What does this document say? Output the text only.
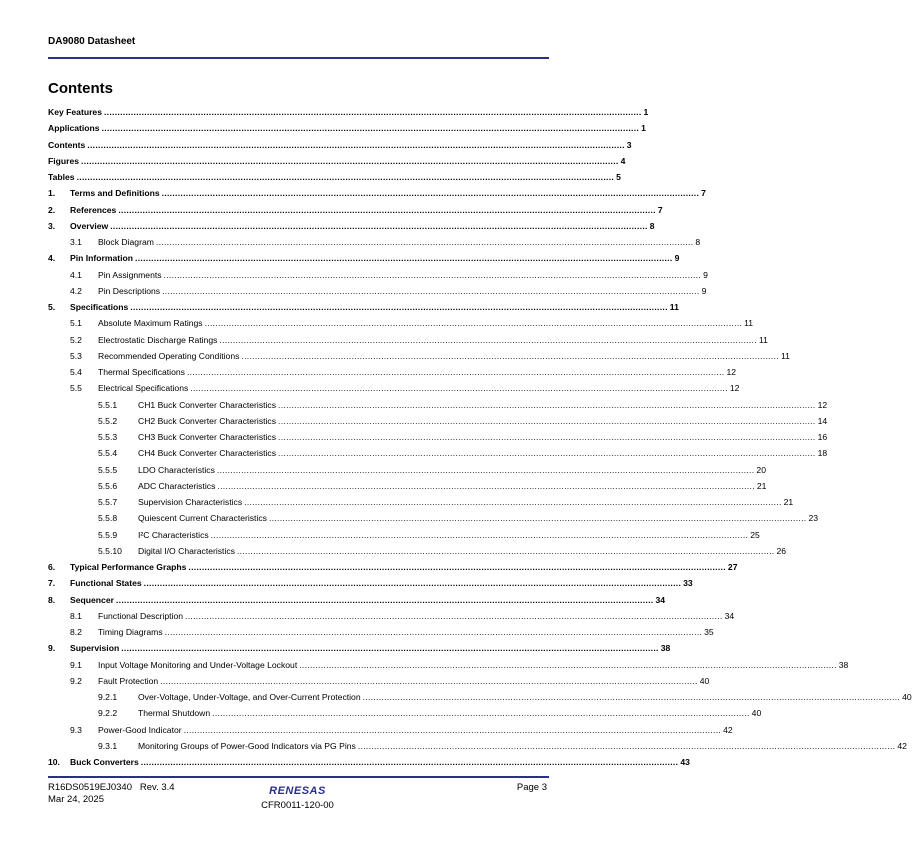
DA9080 Datasheet
Contents
Key Features ........................................................................................................................................................................................................ 1
Applications ........................................................................................................................................................................................................ 1
Contents ........................................................................................................................................................................................................ 3
Figures ........................................................................................................................................................................................................ 4
Tables ........................................................................................................................................................................................................ 5
1.	Terms and Definitions ........................................................................................................................................................................................................ 7
2.	References ........................................................................................................................................................................................................ 7
3.	Overview ........................................................................................................................................................................................................ 8
3.1	Block Diagram ........................................................................................................................................................................................................ 8
4.	Pin Information ........................................................................................................................................................................................................ 9
4.1	Pin Assignments ........................................................................................................................................................................................................ 9
4.2	Pin Descriptions ........................................................................................................................................................................................................ 9
5.	Specifications ........................................................................................................................................................................................................ 11
5.1	Absolute Maximum Ratings ........................................................................................................................................................................................................ 11
5.2	Electrostatic Discharge Ratings ........................................................................................................................................................................................................ 11
5.3	Recommended Operating Conditions ........................................................................................................................................................................................................ 11
5.4	Thermal Specifications ........................................................................................................................................................................................................ 12
5.5	Electrical Specifications ........................................................................................................................................................................................................ 12
5.5.1	CH1 Buck Converter Characteristics ........................................................................................................................................................................................................ 12
5.5.2	CH2 Buck Converter Characteristics ........................................................................................................................................................................................................ 14
5.5.3	CH3 Buck Converter Characteristics ........................................................................................................................................................................................................ 16
5.5.4	CH4 Buck Converter Characteristics ........................................................................................................................................................................................................ 18
5.5.5	LDO Characteristics ........................................................................................................................................................................................................ 20
5.5.6	ADC Characteristics ........................................................................................................................................................................................................ 21
5.5.7	Supervision Characteristics ........................................................................................................................................................................................................ 21
5.5.8	Quiescent Current Characteristics ........................................................................................................................................................................................................ 23
5.5.9	I²C Characteristics ........................................................................................................................................................................................................ 25
5.5.10	Digital I/O Characteristics ........................................................................................................................................................................................................ 26
6.	Typical Performance Graphs ........................................................................................................................................................................................................ 27
7.	Functional States ........................................................................................................................................................................................................ 33
8.	Sequencer ........................................................................................................................................................................................................ 34
8.1	Functional Description ........................................................................................................................................................................................................ 34
8.2	Timing Diagrams ........................................................................................................................................................................................................ 35
9.	Supervision ........................................................................................................................................................................................................ 38
9.1	Input Voltage Monitoring and Under-Voltage Lockout ........................................................................................................................................................................................................ 38
9.2	Fault Protection ........................................................................................................................................................................................................ 40
9.2.1	Over-Voltage, Under-Voltage, and Over-Current Protection ........................................................................................................................................................................................................ 40
9.2.2	Thermal Shutdown ........................................................................................................................................................................................................ 40
9.3	Power-Good Indicator ........................................................................................................................................................................................................ 42
9.3.1	Monitoring Groups of Power-Good Indicators via PG Pins ........................................................................................................................................................................................................ 42
10.	Buck Converters ........................................................................................................................................................................................................ 43
R16DS0519EJ0340 Rev. 3.4
Mar 24, 2025
RENESAS
CFR0011-120-00
Page 3
